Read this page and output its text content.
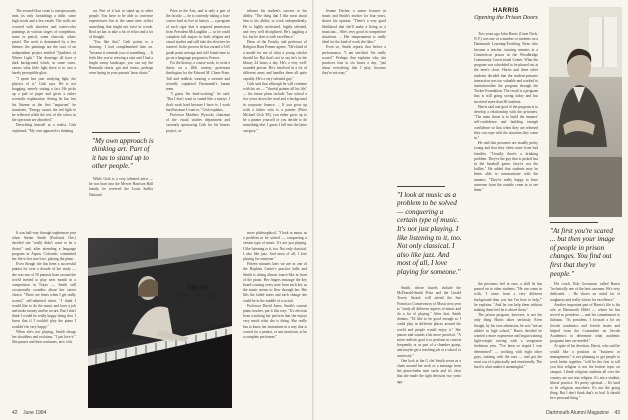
The second-floor room is conspicuously neat, its only furnishings a table, some high stools and a few easels. The walls are covered with sketches and water-color paintings in various stages of completion, some in pencil, some charcoal, others pastel. The work is dominated by a few themes: the paintings are the start of an independent project entitled "Qualities of Winter Light." The drawings all have a dark background which, in some cases, causes what little light there is to cast a barely perceptible glow.

"I spent last year studying light, the physics of it," Gish says. He is not bragging, merely stating a fact. He picks up a pad of paper and gives a rather scientific explanation. Seeing he has lost his listener at the first "angstrom" he translates, "Energy causes the red light to be reflected while the rest of the colors in the spectrum are absorbed."

Describing himself as a realist, Gish explained, "My own approach is thinking

art. Part of it has to stand up to other people. You have to be able to convince experiencers but at the same time reflect something that might not exist in words. Real art has to take a lot of effort and a lot of thought.

"You like that," Gish points to a drawing. I had complimented him on. "because it reminds you of something. ... It feels like you're viewing a ruin and I had a bright sunny landscape, you can say the Bermuda shorts, gin and tonics, perhaps even laying in your parents' lawn chairs."

"My own approach is thinking art. Part of it has to stand up to other people."

While Gish is a very talented artist — he was born into the Mercer Harrison Hall family, he received the Louis Sudler National

Prize in the Arts, and is only a part of the faculty — he is currently taking a four-course load as five in history — a program of such rigor that it required permission from President McLaughlin — so he could complete full majors in both religion and visual studies and still take the electives he wanted. In the process he has earned a 3.65 grade point average and still found time to go on a language program to France.

For the history, a course work, to write a thesis on a 20th century protestant theologian for the Edward M. Chase Prize. Tall and reddish, wearing a sweater and recently captained Dartmouth's karate team.

"I guess I'm hard-working," he said. "But I don't want to sound like a martyr. I don't work hard because I have to. I work hard because I want to," Gish explains.

Professor Matthew Wysocki, chairman of the visual studies department and currently sponsoring Gish for his honors project, at-

tributes his student's success to his ability. "The thing that I like most about him is his ability to work independently. He is highly motivated, highly talented, and very well disciplined. He's juggling a lot, but he does it with excellence."

Dean of the Faculty and professor of Religion Hans Penner agrees. "He's kind of a model for me of what a young scholar should be. But that's not to say he's in the library 24 hours a day. He's a very well-rounded person. He's involved in a lot of different areas and handles them all quite capably. He's a very talented guy."

Gish said that although he will continue with his art — "Vaseful painter all his life" — his future plans include "law school a few years down the road and a background in corporate finance. ... If you grow up with a father who is a painter (Peter Michael Gish '49), you either grow up to be a painter yourself or you decide to do something else. I guess I fall into the latter category."

It was half-way through sophomore year when Stefan Smith (Portland, Ore.) decided she "really didn't want to be a doctor" and, after attending a language program in Aspen, Colorado, committed her life to her true love, playing the piano.

Even though she has been a successful pianist for over a decade of her study — she was one of 50 pianists from around the world invited to play next month in a competition in Tokyo — Smith still occasionally wonders about her career choice. "There are times when I get really scared," self-admitted times. "I think I would like to do the music and have a job and make money and be secure. But I don't think I would be really happy doing that. I know that if I couldn't play the piano I wouldn't be very happy."

When she's not playing, Smith shrugs her shoulders and exclaims, "I just love it." She pauses and then continues, now a bit

SMITH
Listen to the Music

more philosophical, "I look at music as a problem to be solved — conquering a certain type of music. It's not just playing. I like listening to it, too. Not only classical. I also like jazz. And most of all, I love playing for someone."

Fifteen minutes later we are in one of the Hopkins Center's practice halls and Smith is sitting almost trance-like in front of the piano. Her fingers massage the key board coaxing every note from each key as the music seems to flow through her. She lifts the faded notes and each change she could be in the middle of a recital.

Professor David Jones, Smith's current piano teacher, put it this way: "It's obvious from watching her perform that she enjoys very much what she is doing. She really has to know her instrument in a way that is crucial for a pianist, or any musician, to be a complete performer."

42 June 1984

Jeanne Fischer, a senior lecturer in music and Smith's teacher for four years, shares his opinion. "There's a very good likelihood that she'll make a living as a musician.... She's very good in competitive situations. ... Her temperament is really ideal for the kind of work she likes."

Even so, Smith reports that before a performance, "I am terrified. I'm really scared." Perhaps that explains why she practices four to six hours a day, "just about everything that I play, because they're not easy."

"I look at music as a problem to be solved — conquering a certain type of music. It's not just playing. I like listening to it, too. Not only classical. I also like jazz. And most of all, I love playing for someone."

Smith, whose laurels include the McDonald-Smith Prize and the Gerald Tracey Award, will attend the San Francisco Conservatory of Music next year to "study all different aspects of music and do a lot of playing." After that, Smith dreams, "I'd like to be good enough so I could play in different places around the world and people would enjoy it." She pauses and sounds a bit more practical. "A more realistic goal is to perform in concert frequently or as part of a chamber group, and maybe get a teaching job at a school or university."

One look at the G clef Smith wears in a chain around her neck or a message from her piano-laden note cards and it's clear that she made the right decision two years ago.

HARRIS
Opening the Prison Doors

Two years ago John Harris (Great Neck, N.Y.) was one of a number of students on a Dartmouth Learning-Teaching Term who became a teacher, tutoring inmates at a Connecticut prison in the Woodbridge Community Correctional Center. What the program was scheduled to be phased out at the term's close, Harris and three other students decided that the student-prisoner interaction was too valuable and worked to institutionalize the program through the Tucker Foundation. The result is a program that is still going strong today and has involved more than 80 students.

Harris said one goal of the program is to develop a relationship with the prisoners. "The main thrust is to build the inmates' self-confidence and building enough confidence so that when they are released they can cope with the situation they come in."

He said that prisoners are usually pretty young and that they often come from bad families. "Usually there's a drinking problem. They're the guy that is picked last in the baseball game; they're not the bullies." He added that students may be better able to communicate with the inmates. "They're really happy to have someone from the outside come in to see them."

"At first you're scared ... but then your image of people in prison changes. You find out first that they're people."
Dartmouth Alumni Magazine 43

the prisoners feel at ease, a skill he has passed on to other students. "He can come in with, 'I come from a very different background than you but I'm here to help,'" he explains. "And he can help them without making them feel he is above them."

The prison program, however, is not the only thing Harris takes seriously. Even though, by his own admission, he was "not an athlete in high school," Harris decided he wanted a more experience and began training light-weight rowing with a vengeance freshman year. "I've been so stupid I was determined" — working with eight other guys, training with the oars — and got the most out of it physically and emotionally. The hard is what makes it meaningful."

His coach, Bob Grossman, called Harris "technically one of the best oarsmen. He's very dedicated. ... He shows an awful lot of toughness and really strives for excellence."

Another important part of Harris's life is his role at Dartmouth Hillel — where he has served as president — and his commitment to Judaism. "As president, I focused a lot on Jewish academics and Jewish issues and helped form the Committee on Jewish Academics to determine what academic programs here are needed."

At spite of his devotion, Harris, who said he would like a position in "business or management," is not planning to get people to work better together, "will be the first to tell you that religion is not the hottest topic on campus. I think religious students all over the country are not into religion. It's not a student, liberal practice. It's pretty spiritual ... It's hard to be religious anywhere. It's not the going thing. But I don't think that's so bad. It should be a personal thing."
